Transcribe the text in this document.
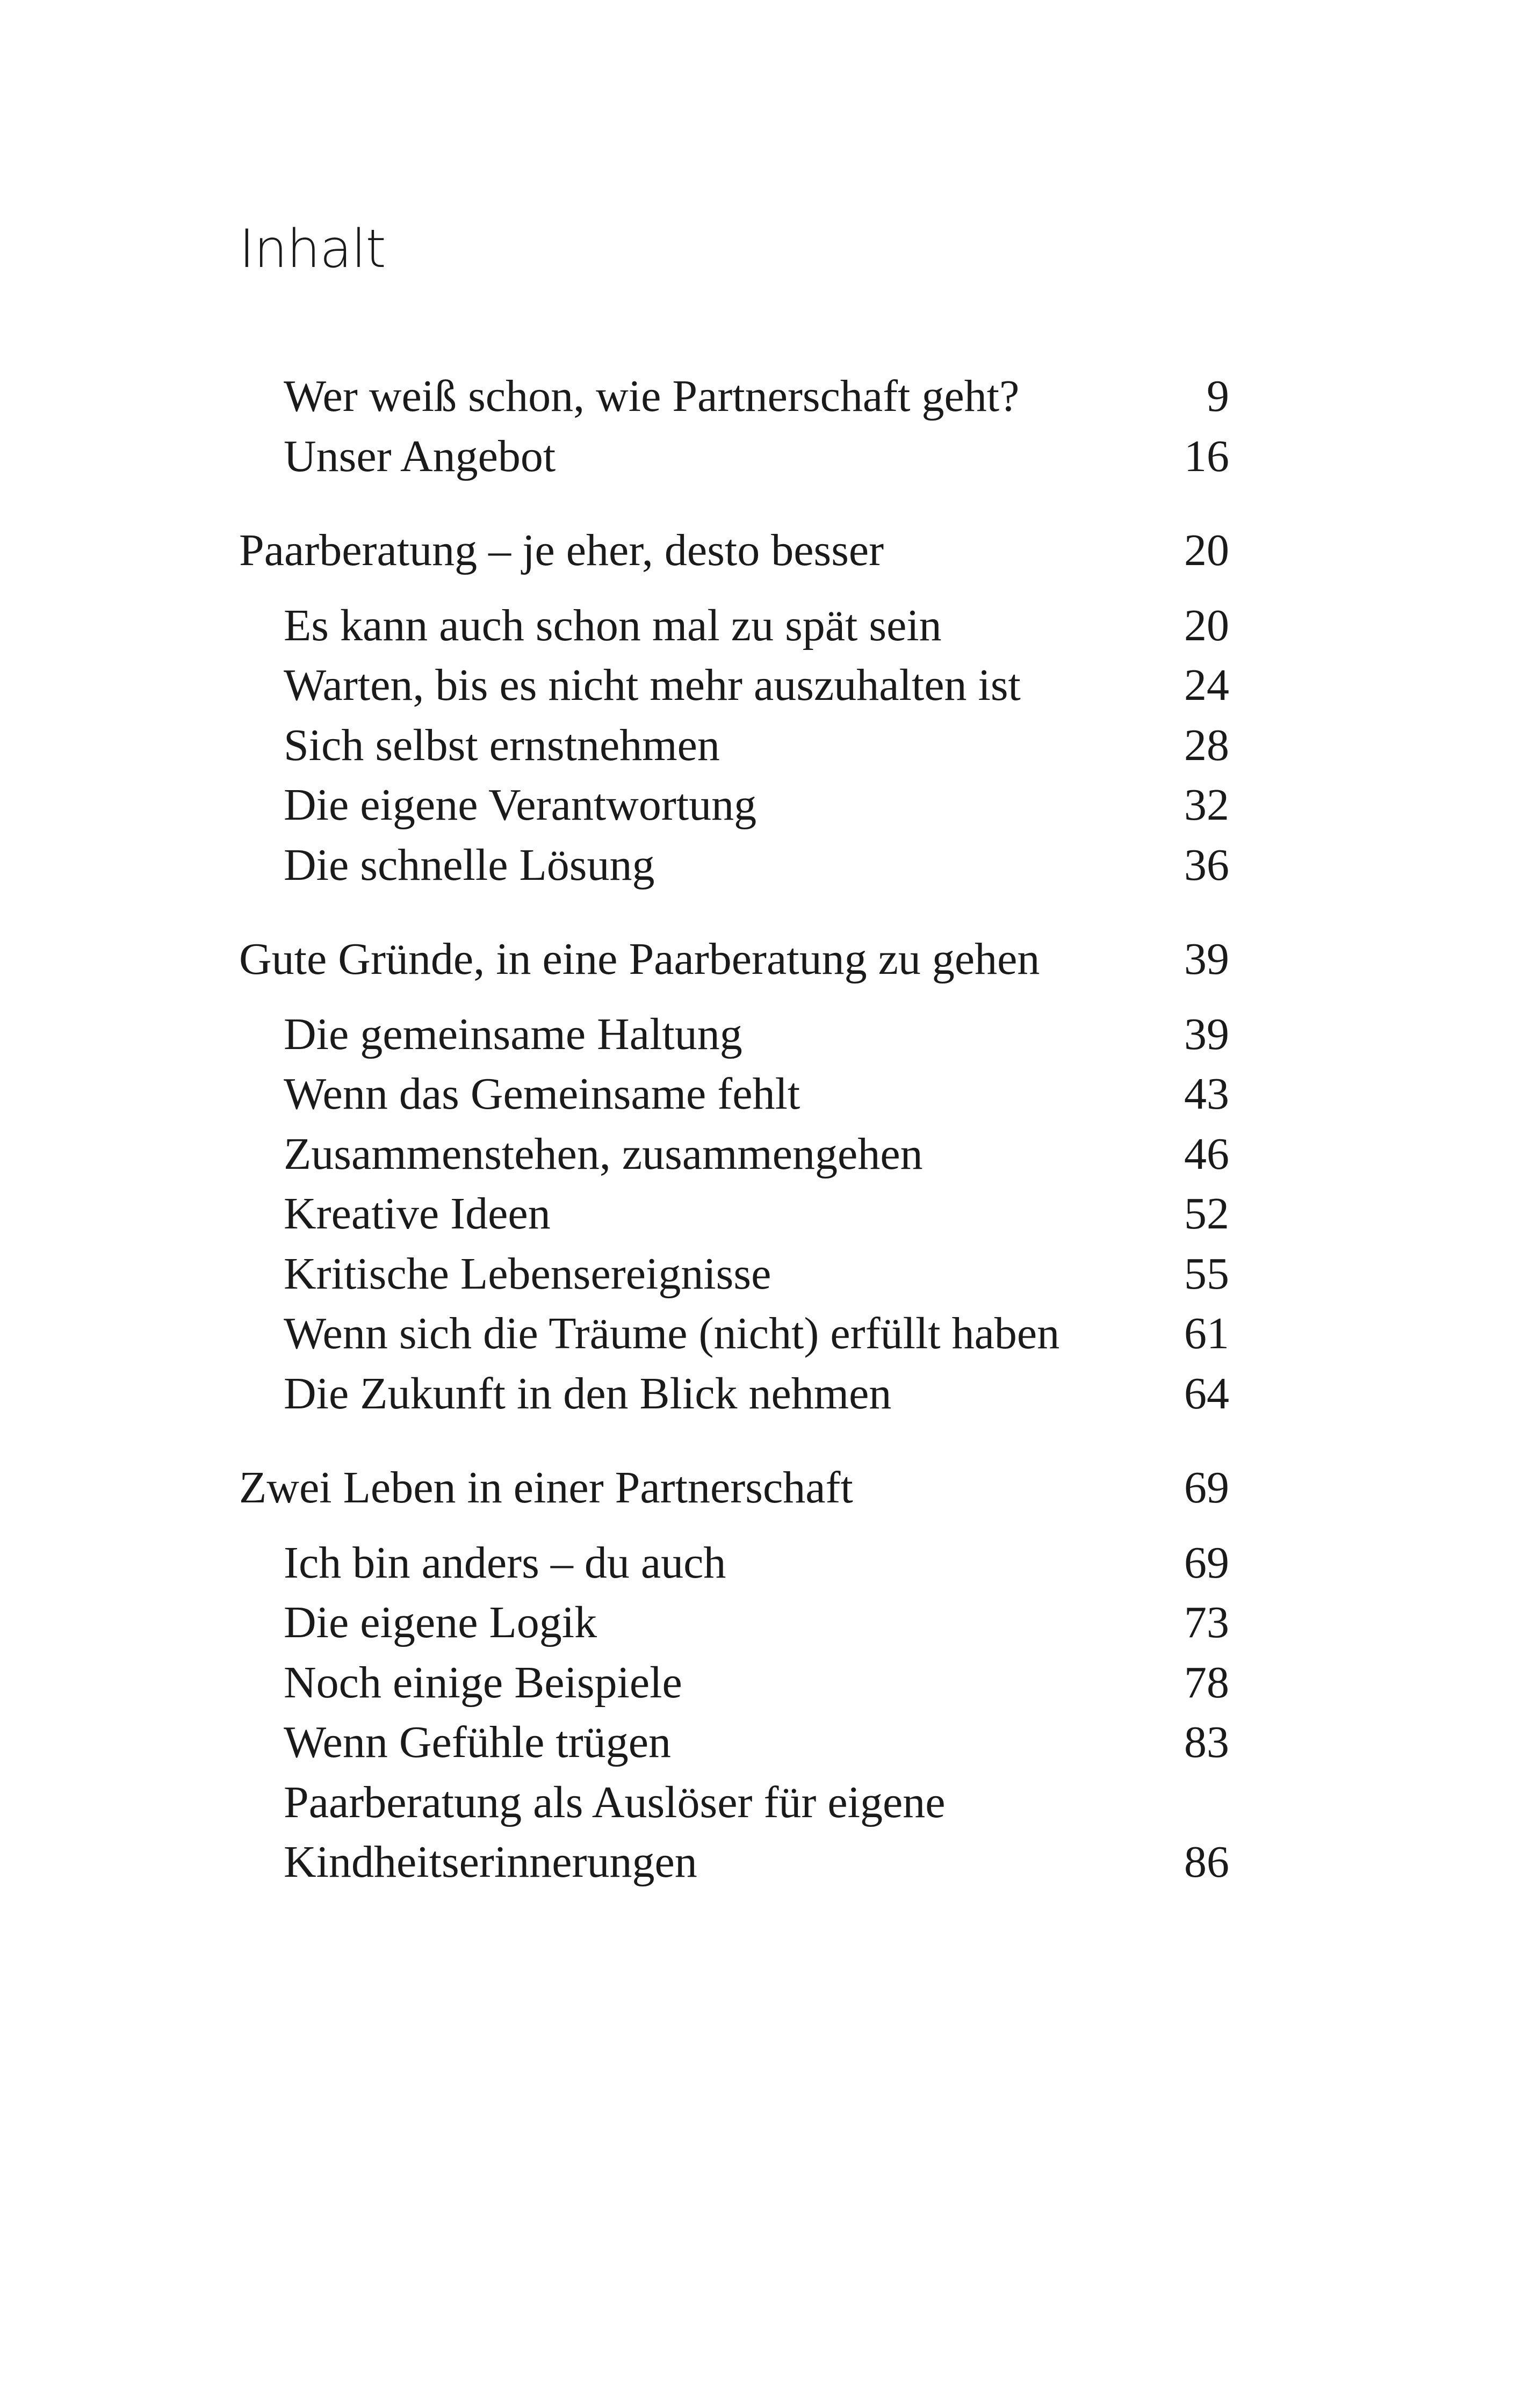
Inhalt
Wer weiß schon, wie Partnerschaft geht?	9
Unser Angebot	16
Paarberatung – je eher, desto besser	20
Es kann auch schon mal zu spät sein	20
Warten, bis es nicht mehr auszuhalten ist	24
Sich selbst ernstnehmen	28
Die eigene Verantwortung	32
Die schnelle Lösung	36
Gute Gründe, in eine Paarberatung zu gehen	39
Die gemeinsame Haltung	39
Wenn das Gemeinsame fehlt	43
Zusammenstehen, zusammengehen	46
Kreative Ideen	52
Kritische Lebensereignisse	55
Wenn sich die Träume (nicht) erfüllt haben	61
Die Zukunft in den Blick nehmen	64
Zwei Leben in einer Partnerschaft	69
Ich bin anders – du auch	69
Die eigene Logik	73
Noch einige Beispiele	78
Wenn Gefühle trügen	83
Paarberatung als Auslöser für eigene
Kindheitserinnerungen	86
